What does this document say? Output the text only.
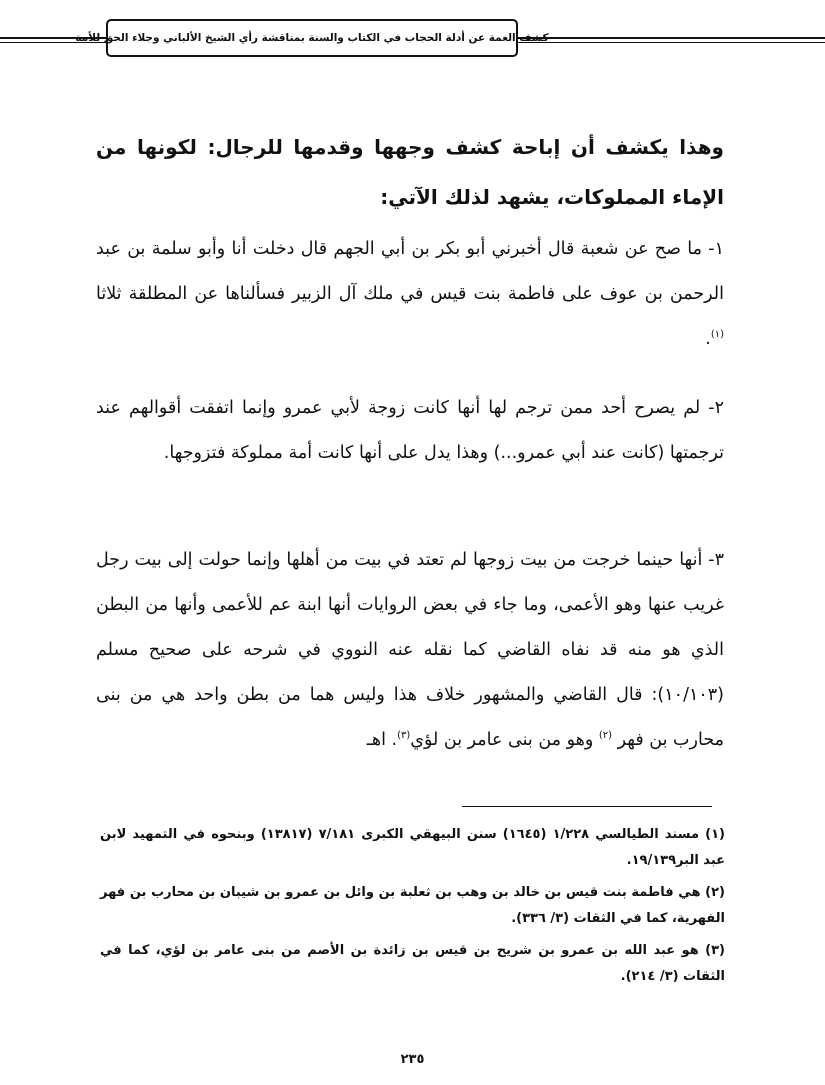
كشف الغمة عن أدلة الحجاب في الكتاب والسنة بمناقشة رأي الشيخ الألباني وجلاء الحق للأمة
وهذا يكشف أن إباحة كشف وجهها وقدمها للرجال: لكونها من الإماء المملوكات، يشهد لذلك الآتي:
١- ما صح عن شعبة قال أخبرني أبو بكر بن أبي الجهم قال دخلت أنا وأبو سلمة بن عبد الرحمن بن عوف على فاطمة بنت قيس في ملك آل الزبير فسألناها عن المطلقة ثلاثا $^{(١)}$.
٢- لم يصرح أحد ممن ترجم لها أنها كانت زوجة لأبي عمرو وإنما اتفقت أقوالهم عند ترجمتها (كانت عند أبي عمرو...) وهذا يدل على أنها كانت أمة مملوكة فتزوجها.
٣- أنها حينما خرجت من بيت زوجها لم تعتد في بيت من أهلها وإنما حولت إلى بيت رجل غريب عنها وهو الأعمى، وما جاء في بعض الروايات أنها ابنة عم للأعمى وأنها من البطن الذي هو منه قد نفاه القاضي كما نقله عنه النووي في شرحه على صحيح مسلم (١٠/١٠٣): قال القاضي والمشهور خلاف هذا وليس هما من بطن واحد هي من بنى محارب بن فهر $^{(٢)}$ وهو من بنى عامر بن لؤي$^{(٣)}$. اهـ
(١) مسند الطيالسي ١/٢٢٨ (١٦٤٥) سنن البيهقي الكبرى ٧/١٨١ (١٣٨١٧) وبنحوه في التمهيد لابن عبد البر١٩/١٣٩.
(٢) هي فاطمة بنت قيس بن خالد بن وهب بن ثعلبة بن وائل بن عمرو بن شيبان بن محارب بن فهر الفهرية، كما في الثقات (٣/ ٣٣٦).
(٣) هو عبد الله بن عمرو بن شريح بن قيس بن زائدة بن الأصم من بنى عامر بن لؤي، كما في الثقات (٣/ ٢١٤).
٢٣٥
